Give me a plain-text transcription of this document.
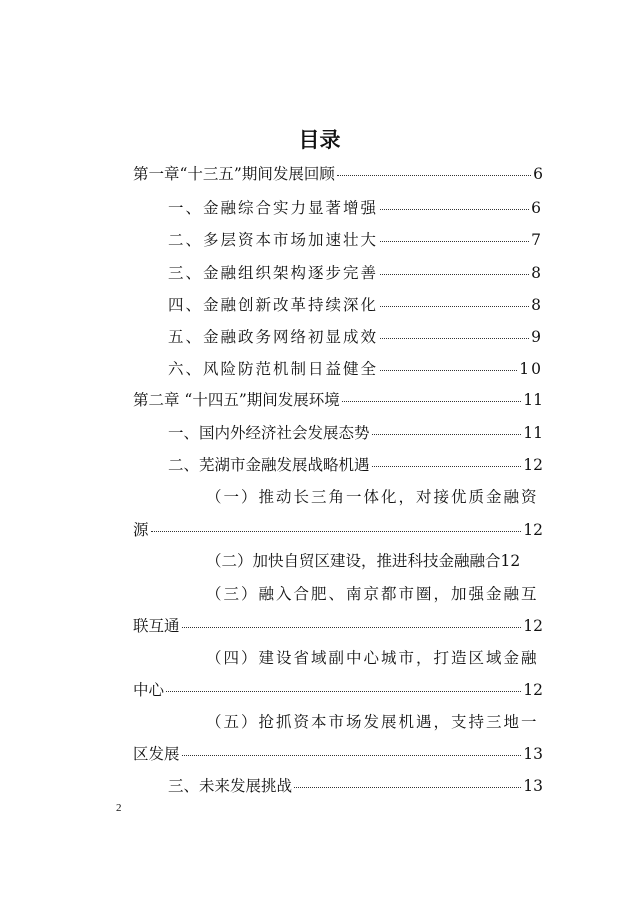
目录
第一章“十三五”期间发展回顾	6
一、金融综合实力显著增强	6
二、多层资本市场加速壮大	7
三、金融组织架构逐步完善	8
四、金融创新改革持续深化	8
五、金融政务网络初显成效	9
六、风险防范机制日益健全	10
第二章 “十四五”期间发展环境	11
一、国内外经济社会发展态势	11
二、芜湖市金融发展战略机遇	12
（一）推动长三角一体化，对接优质金融资
源	12
（二）加快自贸区建设，推进科技金融融合 12
（三）融入合肥、南京都市圈，加强金融互
联互通	12
（四）建设省域副中心城市，打造区域金融
中心	12
（五）抢抓资本市场发展机遇，支持三地一
区发展	13
三、未来发展挑战	13
2
